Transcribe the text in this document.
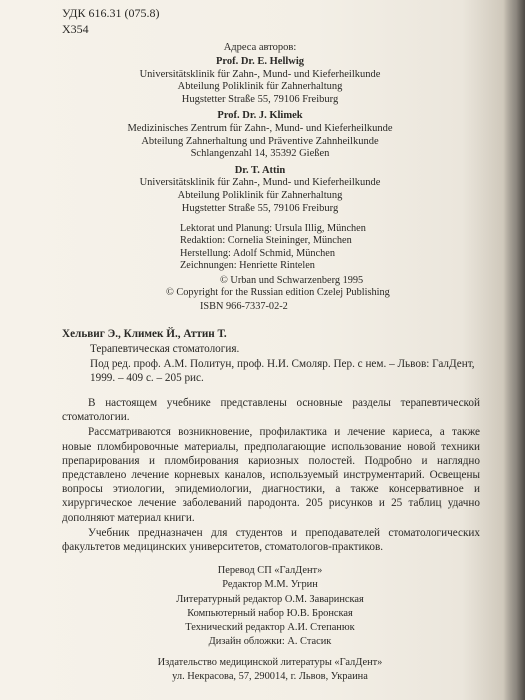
УДК 616.31 (075.8)
Х354
Адреса авторов:
Prof. Dr. E. Hellwig
Universitätsklinik für Zahn-, Mund- und Kieferheilkunde
Abteilung Poliklinik für Zahnerhaltung
Hugstetter Straße 55, 79106 Freiburg
Prof. Dr. J. Klimek
Medizinisches Zentrum für Zahn-, Mund- und Kieferheilkunde
Abteilung Zahnerhaltung und Präventive Zahnheilkunde
Schlangenzahl 14, 35392 Gießen
Dr. T. Attin
Universitätsklinik für Zahn-, Mund- und Kieferheilkunde
Abteilung Poliklinik für Zahnerhaltung
Hugstetter Straße 55, 79106 Freiburg
Lektorat und Planung: Ursula Illig, München
Redaktion: Cornelia Steininger, München
Herstellung: Adolf Schmid, München
Zeichnungen: Henriette Rintelen
© Urban und Schwarzenberg 1995
© Copyright for the Russian edition Czelej Publishing
ISBN 966-7337-02-2
Хельвиг Э., Климек Й., Аттин Т.
Терапевтическая стоматология.
Под ред. проф. А.М. Политун, проф. Н.И. Смоляр. Пер. с нем. – Львов: ГалДент,
1999. – 409 с. – 205 рис.

В настоящем учебнике представлены основные разделы терапевтической стоматологии.

Рассматриваются возникновение, профилактика и лечение кариеса, а также новые пломбировочные материалы, предполагающие использование новой техники препарирования и пломбирования кариозных полостей. Подробно и наглядно представлено лечение корневых каналов, используемый инструментарий. Освещены вопросы этиологии, эпидемиологии, диагностики, а также консервативное и хирургическое лечение заболеваний пародонта. 205 рисунков и 25 таблиц удачно дополняют материал книги.

Учебник предназначен для студентов и преподавателей стоматологических факультетов медицинских университетов, стоматологов-практиков.

Перевод СП «ГалДент»
Редактор М.М. Угрин
Литературный редактор О.М. Заваринская
Компьютерный набор Ю.В. Бронская
Технический редактор А.И. Степанюк
Дизайн обложки: А. Стасик
Издательство медицинской литературы «ГалДент»
ул. Некрасова, 57, 290014, г. Львов, Украина
